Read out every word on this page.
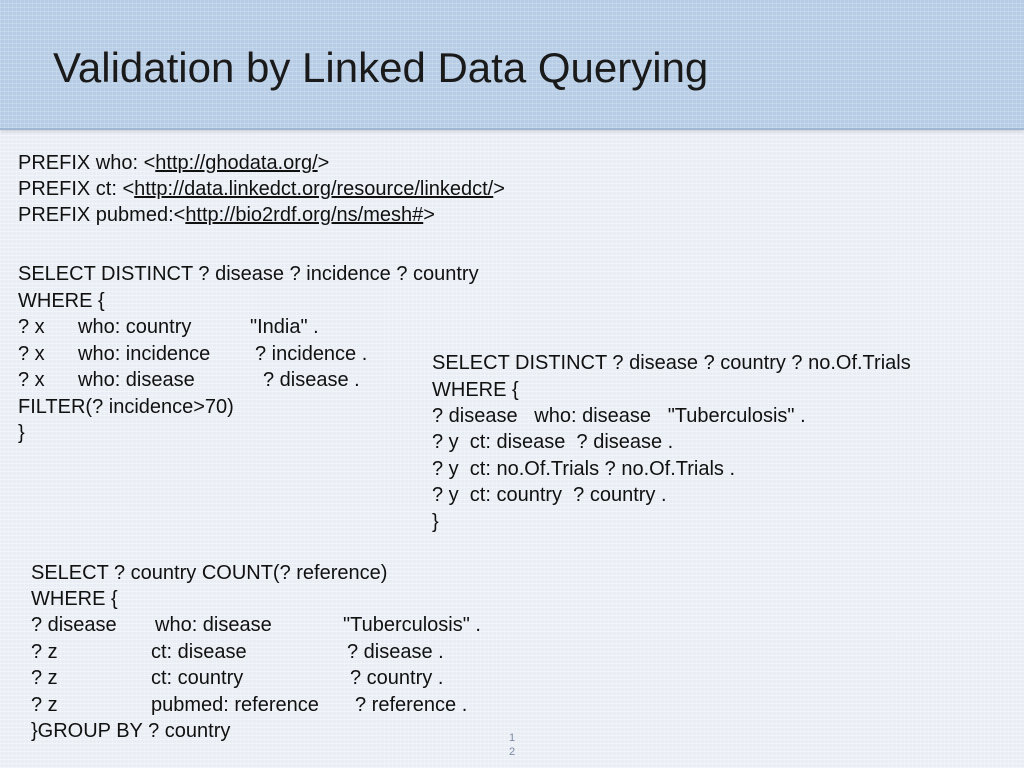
Validation by Linked Data Querying
PREFIX who: <http://ghodata.org/>
PREFIX ct: <http://data.linkedct.org/resource/linkedct/>
PREFIX pubmed:<http://bio2rdf.org/ns/mesh#>
SELECT DISTINCT ? disease ? incidence ? country
WHERE {
? x who: country	"India" .
? x who: incidence ? incidence .
? x who: disease	? disease .
FILTER(? incidence>70)
}
SELECT DISTINCT ? disease ? country ? no.Of.Trials
WHERE {
? disease   who: disease   "Tuberculosis" .
? y  ct: disease  ? disease .
? y  ct: no.Of.Trials ? no.Of.Trials .
? y  ct: country  ? country .
}
SELECT ? country COUNT(? reference)
WHERE {
? disease who: disease	"Tuberculosis" .
? z	ct: disease	? disease .
? z	ct: country	? country .
? z	pubmed: reference ? reference .
}GROUP BY ? country	1
2
